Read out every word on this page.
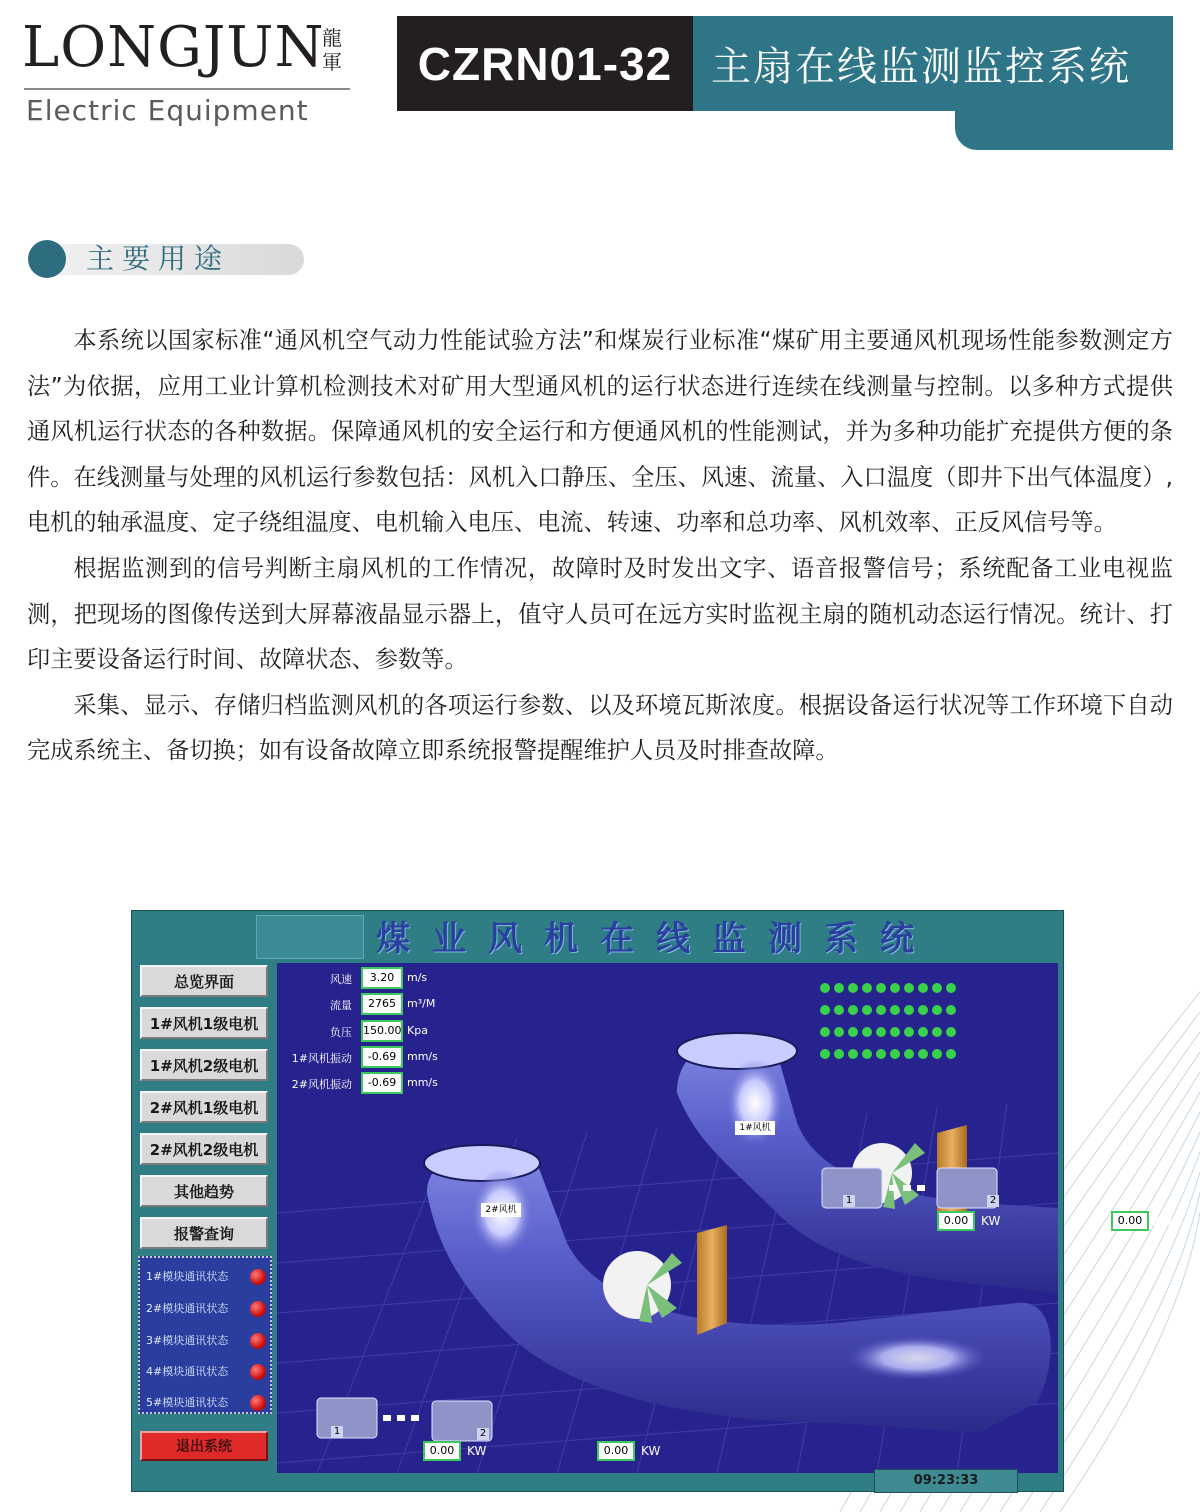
LONGJUN
龍軍
Electric Equipment
CZRN01-32 主扇在线监测监控系统
主要用途

本系统以国家标准“通风机空气动力性能试验方法”和煤炭行业标准“煤矿用主要通风机现场性能参数测定方法”为依据，应用工业计算机检测技术对矿用大型通风机的运行状态进行连续在线测量与控制。以多种方式提供通风机运行状态的各种数据。保障通风机的安全运行和方便通风机的性能测试，并为多种功能扩充提供方便的条件。在线测量与处理的风机运行参数包括：风机入口静压、全压、风速、流量、入口温度（即井下出气体温度）,电机的轴承温度、定子绕组温度、电机输入电压、电流、转速、功率和总功率、风机效率、正反风信号等。

根据监测到的信号判断主扇风机的工作情况，故障时及时发出文字、语音报警信号；系统配备工业电视监测，把现场的图像传送到大屏幕液晶显示器上，值守人员可在远方实时监视主扇的随机动态运行情况。统计、打印主要设备运行时间、故障状态、参数等。

采集、显示、存储归档监测风机的各项运行参数、以及环境瓦斯浓度。根据设备运行状况等工作环境下自动完成系统主、备切换；如有设备故障立即系统报警提醒维护人员及时排查故障。

煤业风机在线监测系统
总览界面
1#风机1级电机
1#风机2级电机
2#风机1级电机
2#风机2级电机
其他趋势
报警查询
1#模块通讯状态
2#模块通讯状态
3#模块通讯状态
4#模块通讯状态
5#模块通讯状态
退出系统
1#风机
2#风机
1	2
1	2
风速	3.20	m/s
流量	2765	m³/M
负压 150.00 Kpa
1#风机振动	-0.69 mm/s
2#风机振动	-0.69 mm/s
0.00	KW	0.00 KW
0.00	KW	0.00	KW
09:23:33
